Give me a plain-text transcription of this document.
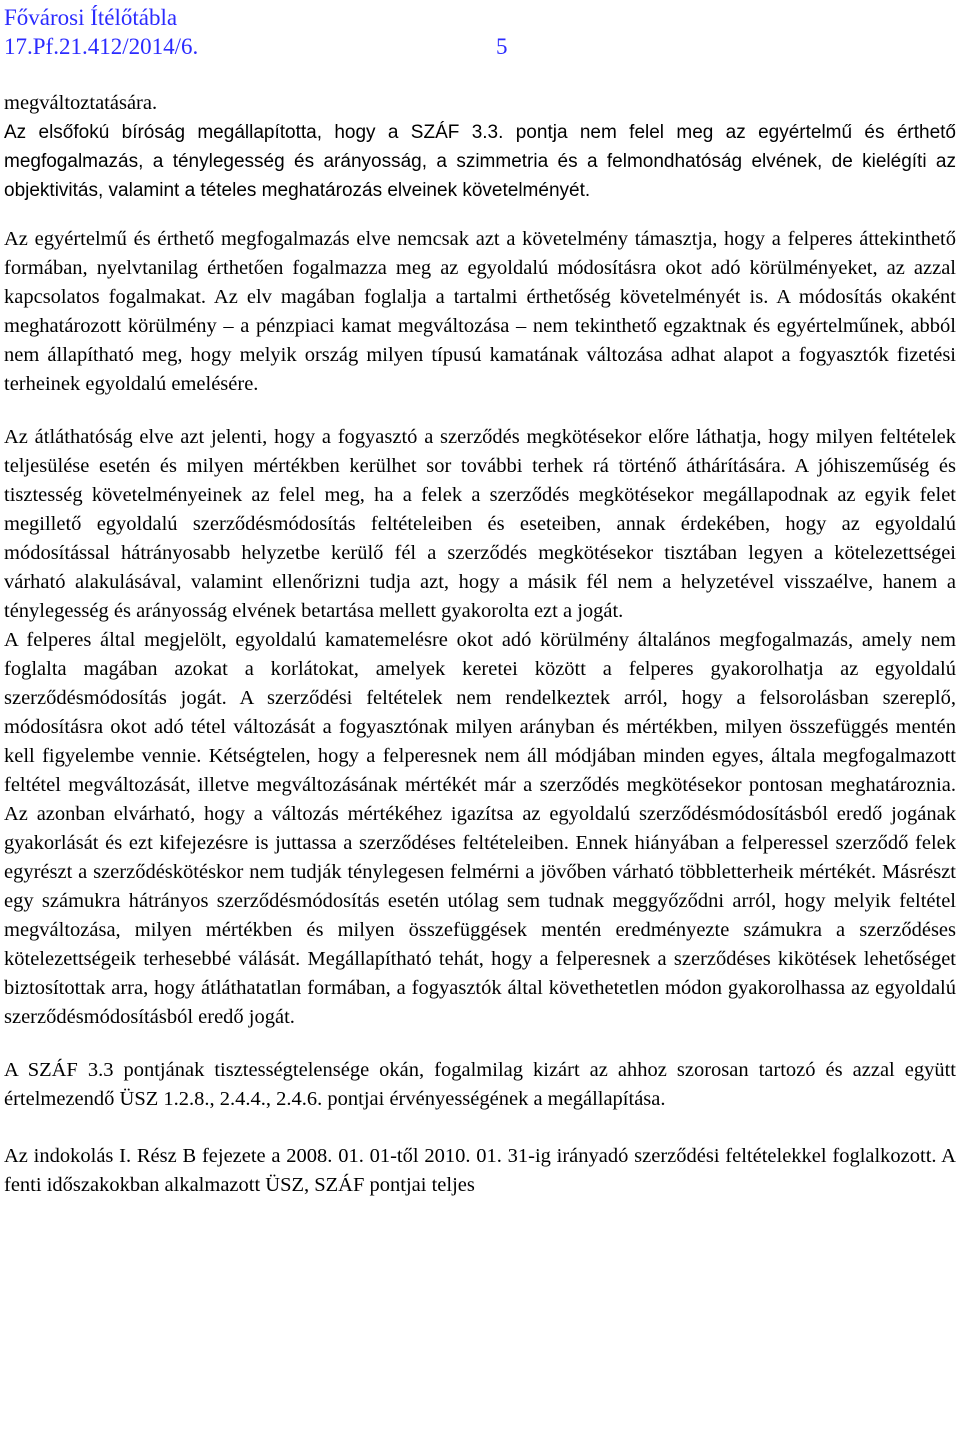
Fővárosi Ítélőtábla
17.Pf.21.412/2014/6.	5

megváltoztatására.

Az elsőfokú bíróság megállapította, hogy a SZÁF 3.3. pontja nem felel meg az egyértelmű és érthető megfogalmazás, a ténylegesség és arányosság, a szimmetria és a felmondhatóság elvének, de kielégíti az objektivitás, valamint a tételes meghatározás elveinek követelményét.

Az egyértelmű és érthető megfogalmazás elve nemcsak azt a követelmény támasztja, hogy a felperes áttekinthető formában, nyelvtanilag érthetően fogalmazza meg az egyoldalú módosításra okot adó körülményeket, az azzal kapcsolatos fogalmakat. Az elv magában foglalja a tartalmi érthetőség követelményét is. A módosítás okaként meghatározott körülmény – a pénzpiaci kamat megváltozása – nem tekinthető egzaktnak és egyértelműnek, abból nem állapítható meg, hogy melyik ország milyen típusú kamatának változása adhat alapot a fogyasztók fizetési terheinek egyoldalú emelésére.

Az átláthatóság elve azt jelenti, hogy a fogyasztó a szerződés megkötésekor előre láthatja, hogy milyen feltételek teljesülése esetén és milyen mértékben kerülhet sor további terhek rá történő áthárítására. A jóhiszeműség és tisztesség követelményeinek az felel meg, ha a felek a szerződés megkötésekor megállapodnak az egyik felet megillető egyoldalú szerződésmódosítás feltételeiben és eseteiben, annak érdekében, hogy az egyoldalú módosítással hátrányosabb helyzetbe kerülő fél a szerződés megkötésekor tisztában legyen a kötelezettségei várható alakulásával, valamint ellenőrizni tudja azt, hogy a másik fél nem a helyzetével visszaélve, hanem a ténylegesség és arányosság elvének betartása mellett gyakorolta ezt a jogát.

A felperes által megjelölt, egyoldalú kamatemelésre okot adó körülmény általános megfogalmazás, amely nem foglalta magában azokat a korlátokat, amelyek keretei között a felperes gyakorolhatja az egyoldalú szerződésmódosítás jogát. A szerződési feltételek nem rendelkeztek arról, hogy a felsorolásban szereplő, módosításra okot adó tétel változását a fogyasztónak milyen arányban és mértékben, milyen összefüggés mentén kell figyelembe vennie. Kétségtelen, hogy a felperesnek nem áll módjában minden egyes, általa megfogalmazott feltétel megváltozását, illetve megváltozásának mértékét már a szerződés megkötésekor pontosan meghatároznia. Az azonban elvárható, hogy a változás mértékéhez igazítsa az egyoldalú szerződésmódosításból eredő jogának gyakorlását és ezt kifejezésre is juttassa a szerződéses feltételeiben. Ennek hiányában a felperessel szerződő felek egyrészt a szerződéskötéskor nem tudják ténylegesen felmérni a jövőben várható többletterheik mértékét. Másrészt egy számukra hátrányos szerződésmódosítás esetén utólag sem tudnak meggyőződni arról, hogy melyik feltétel megváltozása, milyen mértékben és milyen összefüggések mentén eredményezte számukra a szerződéses kötelezettségeik terhesebbé válását. Megállapítható tehát, hogy a felperesnek a szerződéses kikötések lehetőséget biztosítottak arra, hogy átláthatatlan formában, a fogyasztók által követhetetlen módon gyakorolhassa az egyoldalú szerződésmódosításból eredő jogát.

A SZÁF 3.3 pontjának tisztességtelensége okán, fogalmilag kizárt az ahhoz szorosan tartozó és azzal együtt értelmezendő ÜSZ 1.2.8., 2.4.4., 2.4.6. pontjai érvényességének a megállapítása.

Az indokolás I. Rész B fejezete a 2008. 01. 01-től 2010. 01. 31-ig irányadó szerződési feltételekkel foglalkozott. A fenti időszakokban alkalmazott ÜSZ, SZÁF pontjai teljes
